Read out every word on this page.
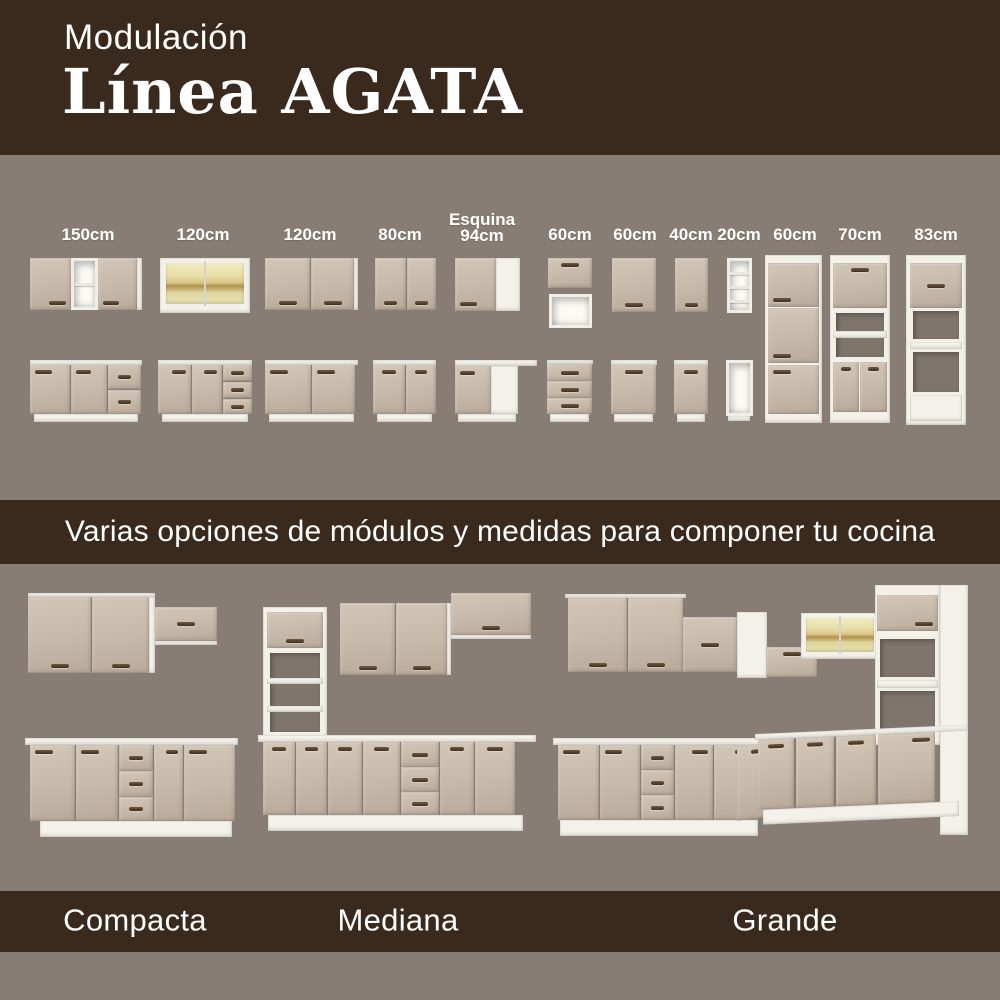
Modulación
Línea AGATA
150cm	120cm	120cm 80cm
Esquina
94cm	60cm 60cm 40cm 20cm 60cm 70cm 83cm
Varias opciones de módulos y medidas para componer tu cocina
Compacta	Mediana	Grande
